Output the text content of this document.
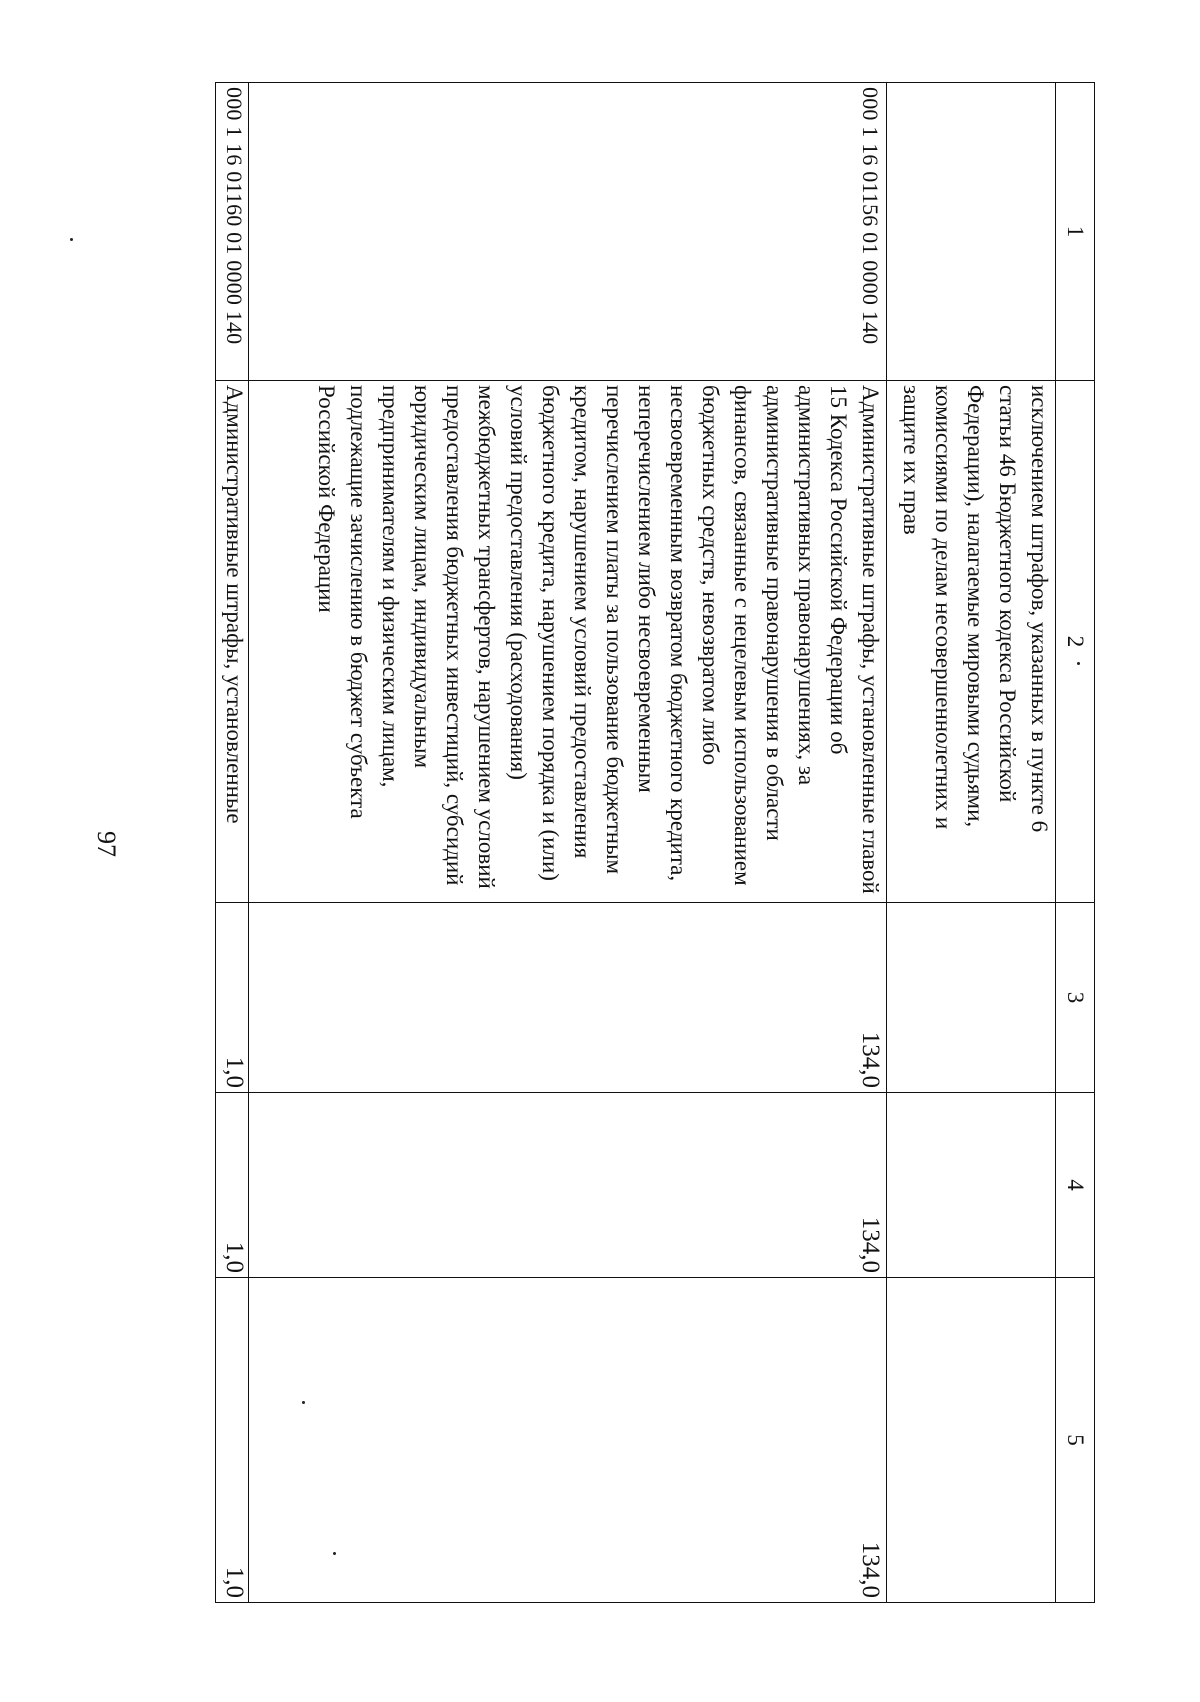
97
1	2	3	4	5
	исключением штрафов, указанных в пункте 6 статьи 46 Бюджетного кодекса Российской Федерации), налагаемые мировыми судьями, комиссиями по делам несовершеннолетних и защите их прав			
000 1 16 01156 01 0000 140	Административные штрафы, установленные главой 15 Кодекса Российской Федерации об административных правонарушениях, за административные правонарушения в области финансов, связанные с нецелевым использованием бюджетных средств, невозвратом либо несвоевременным возвратом бюджетного кредита, неперечислением либо несвоевременным перечислением платы за пользование бюджетным кредитом, нарушением условий предоставления бюджетного кредита, нарушением порядка и (или) условий предоставления (расходования) межбюджетных трансфертов, нарушением условий предоставления бюджетных инвестиций, субсидий юридическим лицам, индивидуальным предпринимателям и физическим лицам, подлежащие зачислению в бюджет субъекта Российской Федерации	134,0	134,0	134,0
000 1 16 01160 01 0000 140	Административные штрафы, установленные	1,0	1,0	1,0
